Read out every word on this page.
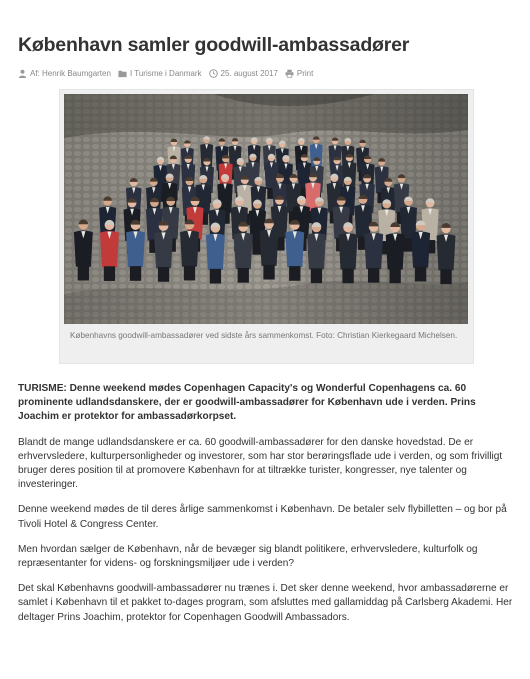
København samler goodwill-ambassadører
Af: Henrik Baumgarten I Turisme i Danmark 25. august 2017 Print

Københavns goodwill-ambassadører ved sidste års sammenkomst. Foto: Christian Kierkegaard Michelsen.

TURISME: Denne weekend mødes Copenhagen Capacity's og Wonderful Copenhagens ca. 60 prominente udlandsdanskere, der er goodwill-ambassadører for København ude i verden. Prins Joachim er protektor for ambassadørkorpset.

Blandt de mange udlandsdanskere er ca. 60 goodwill-ambassadører for den danske hovedstad. De er erhvervsledere, kulturpersonligheder og investorer, som har stor berøringsflade ude i verden, og som frivilligt bruger deres position til at promovere København for at tiltrække turister, kongresser, nye talenter og investeringer.

Denne weekend mødes de til deres årlige sammenkomst i København. De betaler selv flybilletten – og bor på Tivoli Hotel & Congress Center.

Men hvordan sælger de København, når de bevæger sig blandt politikere, erhvervsledere, kulturfolk og repræsentanter for videns- og forskningsmiljøer ude i verden?

Det skal Københavns goodwill-ambassadører nu trænes i. Det sker denne weekend, hvor ambassadørerne er samlet i København til et pakket to-dages program, som afsluttes med gallamiddag på Carlsberg Akademi. Her deltager Prins Joachim, protektor for Copenhagen Goodwill Ambassadors.
